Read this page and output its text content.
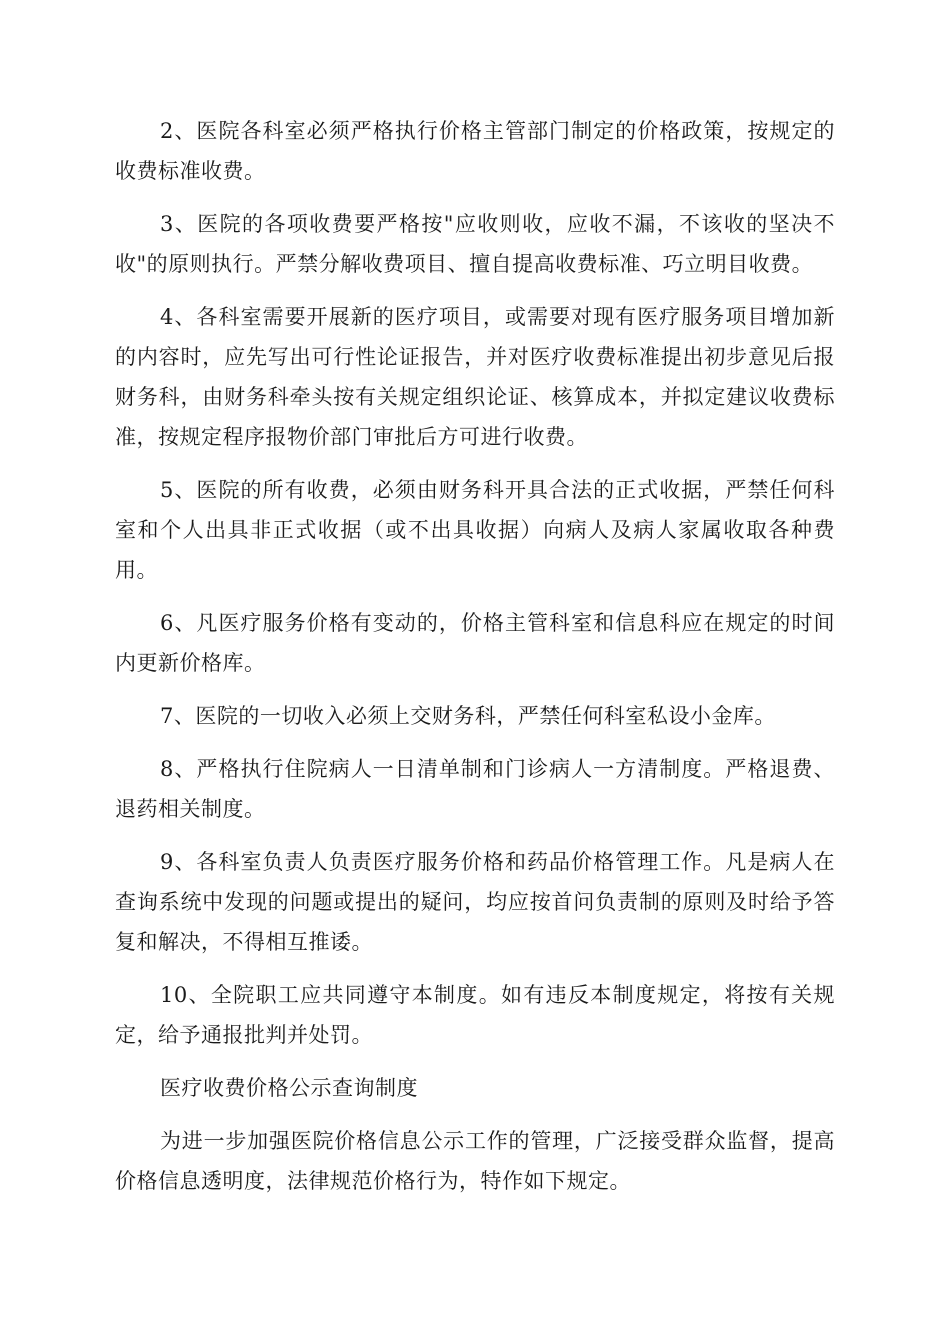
2、医院各科室必须严格执行价格主管部门制定的价格政策，按规定的收费标准收费。

3、医院的各项收费要严格按"应收则收，应收不漏，不该收的坚决不收"的原则执行。严禁分解收费项目、擅自提高收费标准、巧立明目收费。

4、各科室需要开展新的医疗项目，或需要对现有医疗服务项目增加新的内容时，应先写出可行性论证报告，并对医疗收费标准提出初步意见后报财务科，由财务科牵头按有关规定组织论证、核算成本，并拟定建议收费标准，按规定程序报物价部门审批后方可进行收费。

5、医院的所有收费，必须由财务科开具合法的正式收据，严禁任何科室和个人出具非正式收据（或不出具收据）向病人及病人家属收取各种费用。

6、凡医疗服务价格有变动的，价格主管科室和信息科应在规定的时间内更新价格库。

7、医院的一切收入必须上交财务科，严禁任何科室私设小金库。

8、严格执行住院病人一日清单制和门诊病人一方清制度。严格退费、退药相关制度。

9、各科室负责人负责医疗服务价格和药品价格管理工作。凡是病人在查询系统中发现的问题或提出的疑问，均应按首问负责制的原则及时给予答复和解决，不得相互推诿。

10、全院职工应共同遵守本制度。如有违反本制度规定，将按有关规定，给予通报批判并处罚。

医疗收费价格公示查询制度

为进一步加强医院价格信息公示工作的管理，广泛接受群众监督，提高价格信息透明度，法律规范价格行为，特作如下规定。
